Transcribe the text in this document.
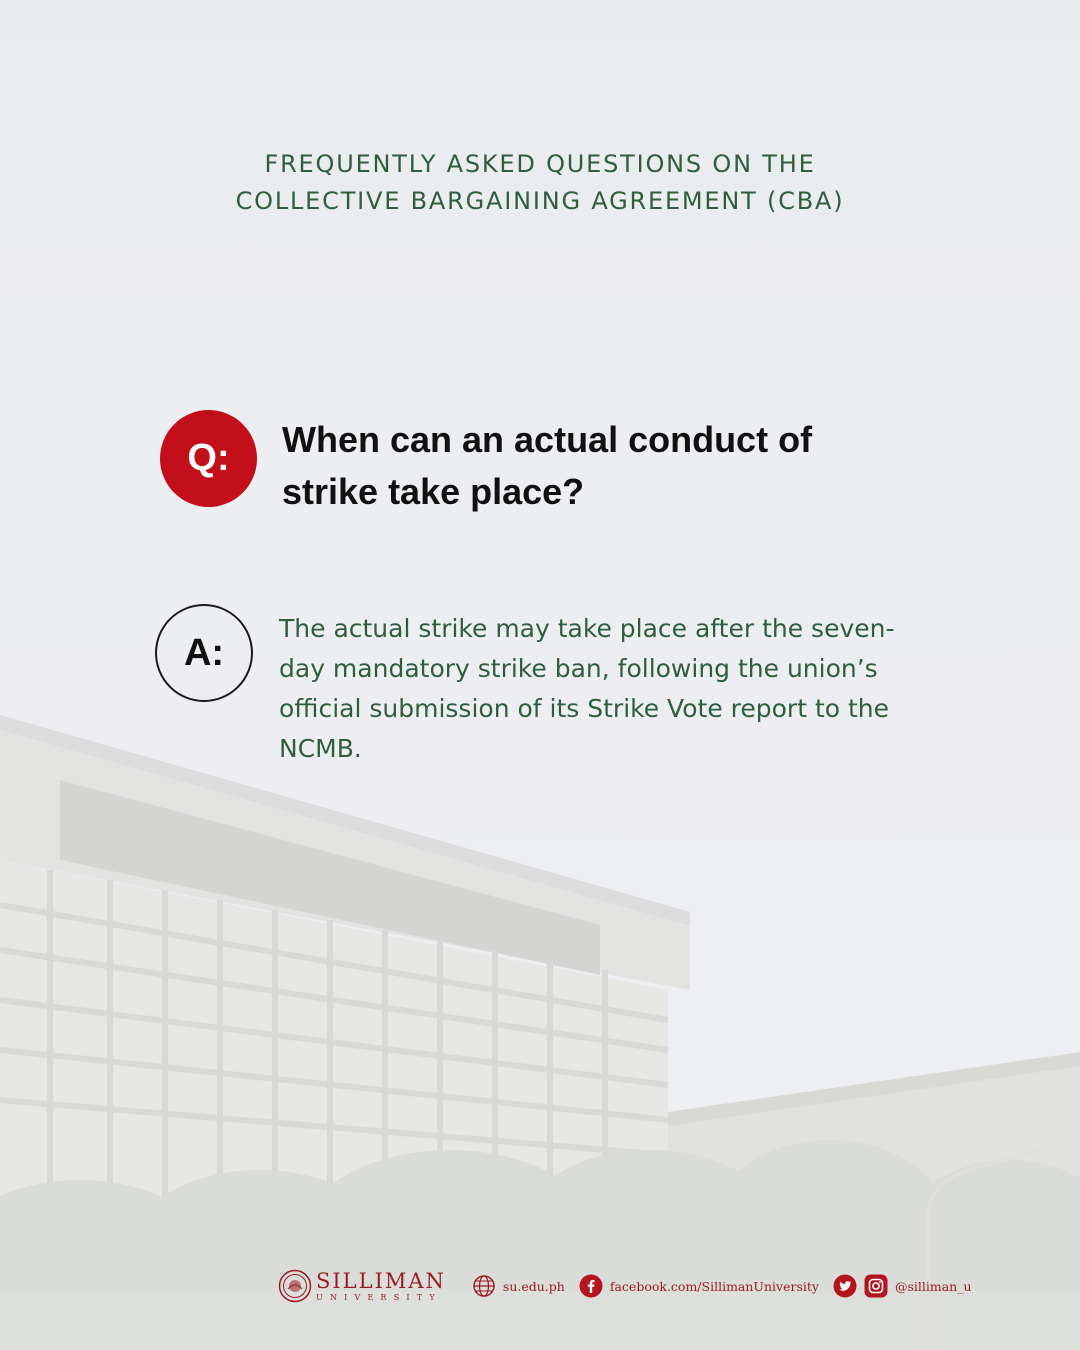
FREQUENTLY ASKED QUESTIONS ON THE
COLLECTIVE BARGAINING AGREEMENT (CBA)
Q:	When can an actual conduct of strike take place?
A:
The actual strike may take place after the seven-day mandatory strike ban, following the union’s official submission of its Strike Vote report to the NCMB.
SILLIMAN
UNIVERSITY
su.edu.ph	facebook.com/SillimanUniversity	@silliman_u
